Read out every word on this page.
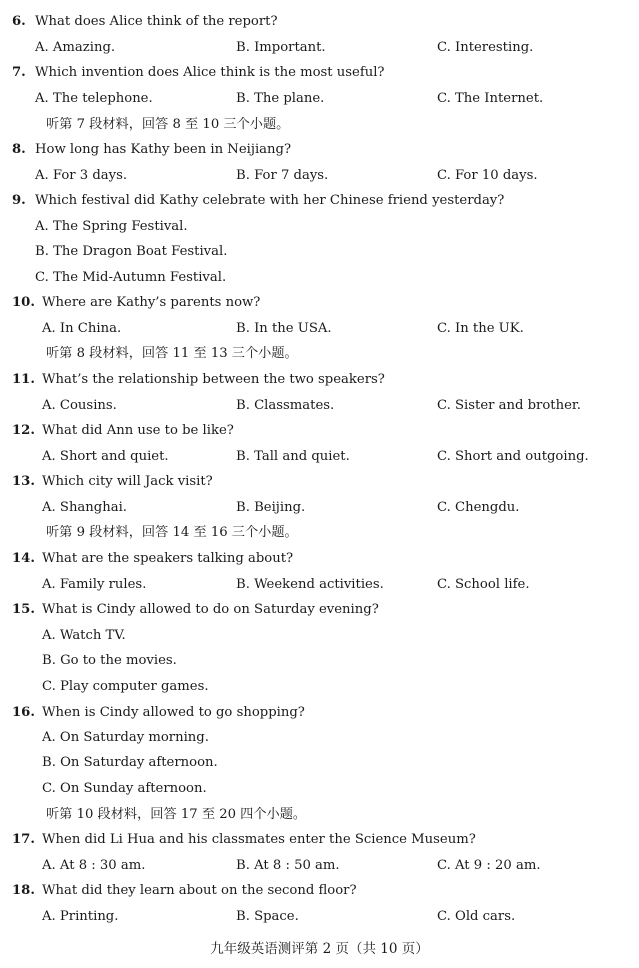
6. What does Alice think of the report?
A. Amazing.	B. Important.	C. Interesting.
7. Which invention does Alice think is the most useful?
A. The telephone.	B. The plane.	C. The Internet.
听第 7 段材料，回答 8 至 10 三个小题。
8. How long has Kathy been in Neijiang?
A. For 3 days.	B. For 7 days.	C. For 10 days.
9. Which festival did Kathy celebrate with her Chinese friend yesterday?
A. The Spring Festival.
B. The Dragon Boat Festival.
C. The Mid-Autumn Festival.
10. Where are Kathy’s parents now?
A. In China.	B. In the USA.	C. In the UK.
听第 8 段材料，回答 11 至 13 三个小题。
11. What’s the relationship between the two speakers?
A. Cousins.	B. Classmates.	C. Sister and brother.
12. What did Ann use to be like?
A. Short and quiet.	B. Tall and quiet.	C. Short and outgoing.
13. Which city will Jack visit?
A. Shanghai.	B. Beijing.	C. Chengdu.
听第 9 段材料，回答 14 至 16 三个小题。
14. What are the speakers talking about?
A. Family rules.	B. Weekend activities.	C. School life.
15. What is Cindy allowed to do on Saturday evening?
A. Watch TV.
B. Go to the movies.
C. Play computer games.
16. When is Cindy allowed to go shopping?
A. On Saturday morning.
B. On Saturday afternoon.
C. On Sunday afternoon.
听第 10 段材料，回答 17 至 20 四个小题。
17. When did Li Hua and his classmates enter the Science Museum?
A. At 8 : 30 am.	B. At 8 : 50 am.	C. At 9 : 20 am.
18. What did they learn about on the second floor?
A. Printing.	B. Space.	C. Old cars.
九年级英语测评第 2 页（共 10 页）
